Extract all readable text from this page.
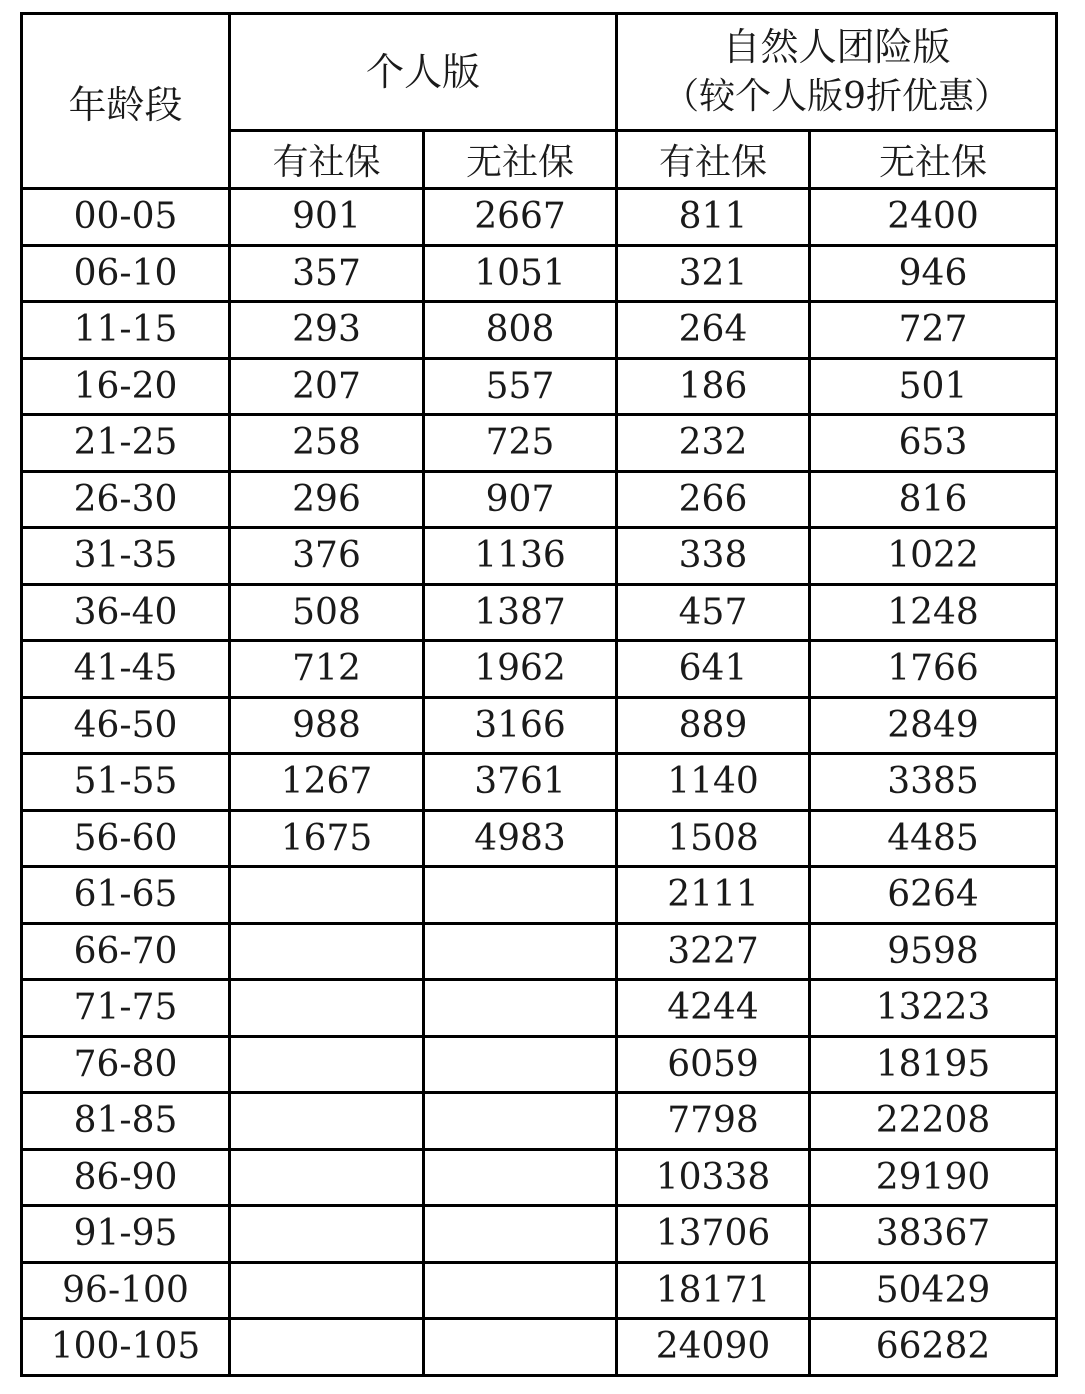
年龄段	个人版		自然人团险版
（较个人版9折优惠）	

	有社保	无社保	有社保	无社保
00-05	901	2667	811	2400
06-10	357	1051	321	946
11-15	293	808	264	727
16-20	207	557	186	501
21-25	258	725	232	653
26-30	296	907	266	816
31-35	376	1136	338	1022
36-40	508	1387	457	1248
41-45	712	1962	641	1766
46-50	988	3166	889	2849
51-55	1267	3761	1140	3385
56-60	1675	4983	1508	4485
61-65			2111	6264
66-70			3227	9598
71-75			4244	13223
76-80			6059	18195
81-85			7798	22208
86-90			10338	29190
91-95			13706	38367
96-100			18171	50429
100-105			24090	66282
